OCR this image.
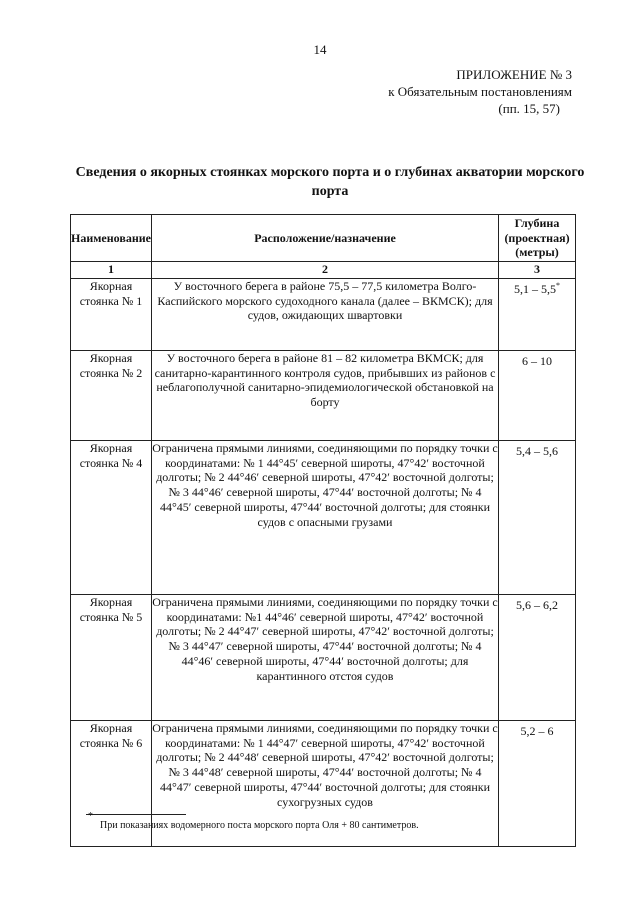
14
ПРИЛОЖЕНИЕ № 3
к Обязательным постановлениям
(пп. 15, 57)
Сведения о якорных стоянках морского порта и о глубинах акватории морского порта
Наименование	Расположение/назначение	Глубина (проектная) (метры)
1	2	3
Якорная стоянка № 1	У восточного берега в районе 75,5 – 77,5 километра Волго-Каспийского морского судоходного канала (далее – ВКМСК); для судов, ожидающих швартовки	5,1 – 5,5*
Якорная стоянка № 2	У восточного берега в районе 81 – 82 километра ВКМСК; для санитарно-карантинного контроля судов, прибывших из районов с неблагополучной санитарно-эпидемиологической обстановкой на борту	6 – 10
Якорная стоянка № 4	Ограничена прямыми линиями, соединяющими по порядку точки с координатами: № 1 44°45′ северной широты, 47°42′ восточной долготы; № 2 44°46′ северной широты, 47°42′ восточной долготы; № 3 44°46′ северной широты, 47°44′ восточной долготы; № 4 44°45′ северной широты, 47°44′ восточной долготы; для стоянки судов с опасными грузами	5,4 – 5,6
Якорная стоянка № 5	Ограничена прямыми линиями, соединяющими по порядку точки с координатами: №1 44°46′ северной широты, 47°42′ восточной долготы; № 2 44°47′ северной широты, 47°42′ восточной долготы; № 3 44°47′ северной широты, 47°44′ восточной долготы; № 4 44°46′ северной широты, 47°44′ восточной долготы; для карантинного отстоя судов	5,6 – 6,2
Якорная стоянка № 6	Ограничена прямыми линиями, соединяющими по порядку точки с координатами: № 1 44°47′ северной широты, 47°42′ восточной долготы; № 2 44°48′ северной широты, 47°42′ восточной долготы; № 3 44°48′ северной широты, 47°44′ восточной долготы; № 4 44°47′ северной широты, 47°44′ восточной долготы; для стоянки сухогрузных судов	5,2 – 6
*
При показаниях водомерного поста морского порта Оля + 80 сантиметров.
